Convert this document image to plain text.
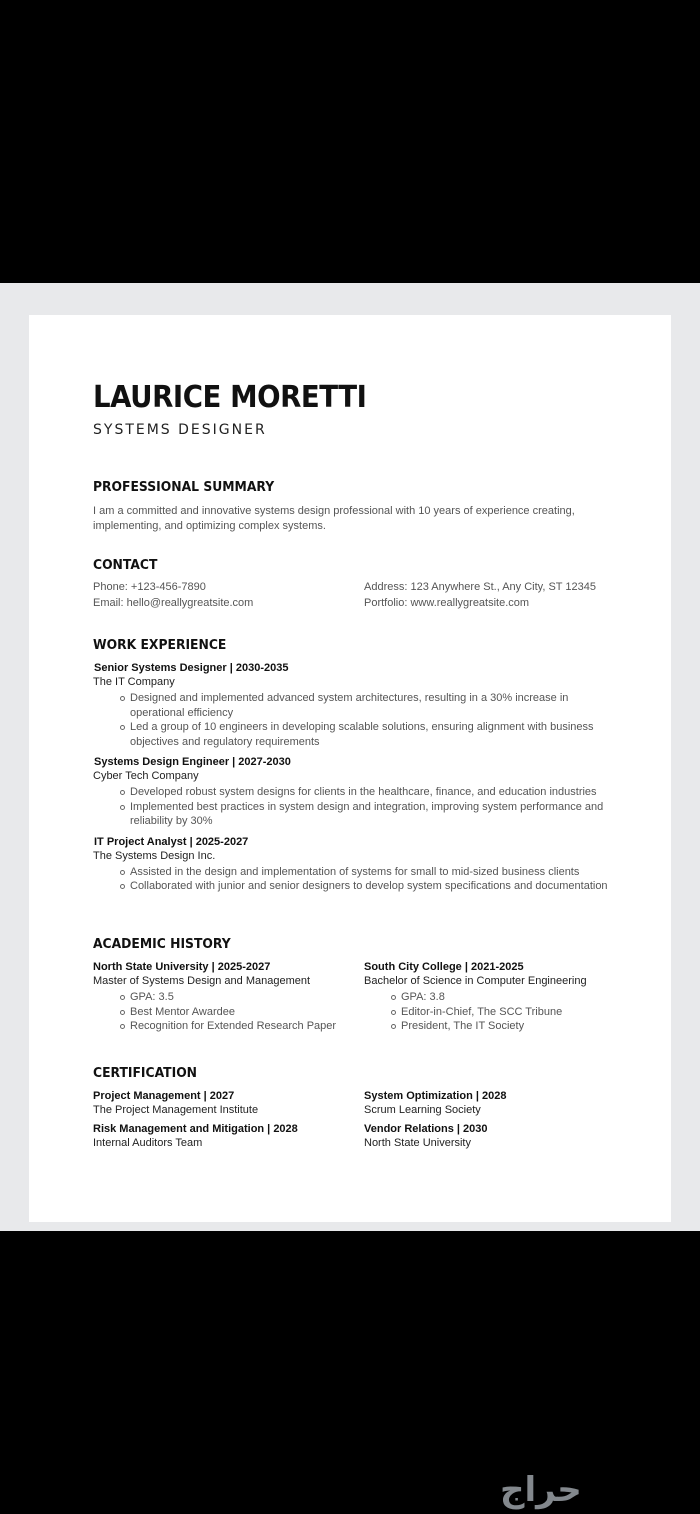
LAURICE MORETTI
SYSTEMS DESIGNER
PROFESSIONAL SUMMARY
I am a committed and innovative systems design professional with 10 years of experience creating, implementing, and optimizing complex systems.
CONTACT
Phone: +123-456-7890	Address: 123 Anywhere St., Any City, ST 12345
Email: hello@reallygreatsite.com	Portfolio: www.reallygreatsite.com
WORK EXPERIENCE
Senior Systems Designer | 2030-2035
The IT Company
Designed and implemented advanced system architectures, resulting in a 30% increase in operational efficiency
Led a group of 10 engineers in developing scalable solutions, ensuring alignment with business objectives and regulatory requirements
Systems Design Engineer | 2027-2030
Cyber Tech Company
Developed robust system designs for clients in the healthcare, finance, and education industries
Implemented best practices in system design and integration, improving system performance and reliability by 30%
IT Project Analyst | 2025-2027
The Systems Design Inc.
Assisted in the design and implementation of systems for small to mid-sized business clients
Collaborated with junior and senior designers to develop system specifications and documentation
ACADEMIC HISTORY
North State University | 2025-2027
Master of Systems Design and Management
GPA: 3.5
Best Mentor Awardee
Recognition for Extended Research Paper
South City College | 2021-2025
Bachelor of Science in Computer Engineering
GPA: 3.8
Editor-in-Chief, The SCC Tribune
President, The IT Society
CERTIFICATION
Project Management | 2027
The Project Management Institute
System Optimization | 2028
Scrum Learning Society
Risk Management and Mitigation | 2028
Internal Auditors Team
Vendor Relations | 2030
North State University
حراج
